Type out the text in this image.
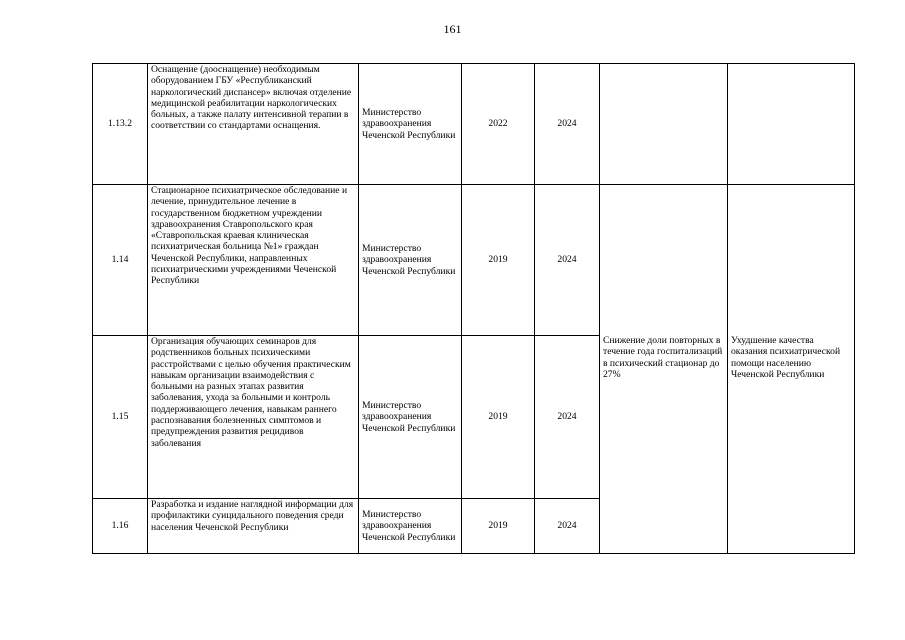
161
1.13.2	Оснащение (дооснащение) необходимым оборудованием ГБУ «Республиканский наркологический диспансер» включая отделение медицинской реабилитации наркологических больных, а также палату интенсивной терапии в соответствии со стандартами оснащения.	Министерство здравоохранения Чеченской Республики	2022	2024		
1.14	Стационарное психиатрическое обследование и лечение, принудительное лечение в государственном бюджетном учреждении здравоохранения Ставропольского края «Ставропольская краевая клиническая психиатрическая больница №1» граждан Чеченской Республики, направленных психиатрическими учреждениями Чеченской Республики	Министерство здравоохранения Чеченской Республики	2019	2024	Снижение доли повторных в течение года госпитализаций в психический стационар до 27%	Ухудшение качества оказания психиатрической помощи населению Чеченской Республики

1.15	Организация обучающих семинаров для родственников больных психическими расстройствами с целью обучения практическим навыкам организации взаимодействия с больными на разных этапах развития заболевания, ухода за больными и контроль поддерживающего лечения, навыкам раннего распознавания болезненных симптомов и предупреждения развития рецидивов заболевания	Министерство здравоохранения Чеченской Республики	2019	2024		
1.16	Разработка и издание наглядной информации для профилактики суицидального поведения среди населения Чеченской Республики	Министерство здравоохранения Чеченской Республики	2019	2024		
